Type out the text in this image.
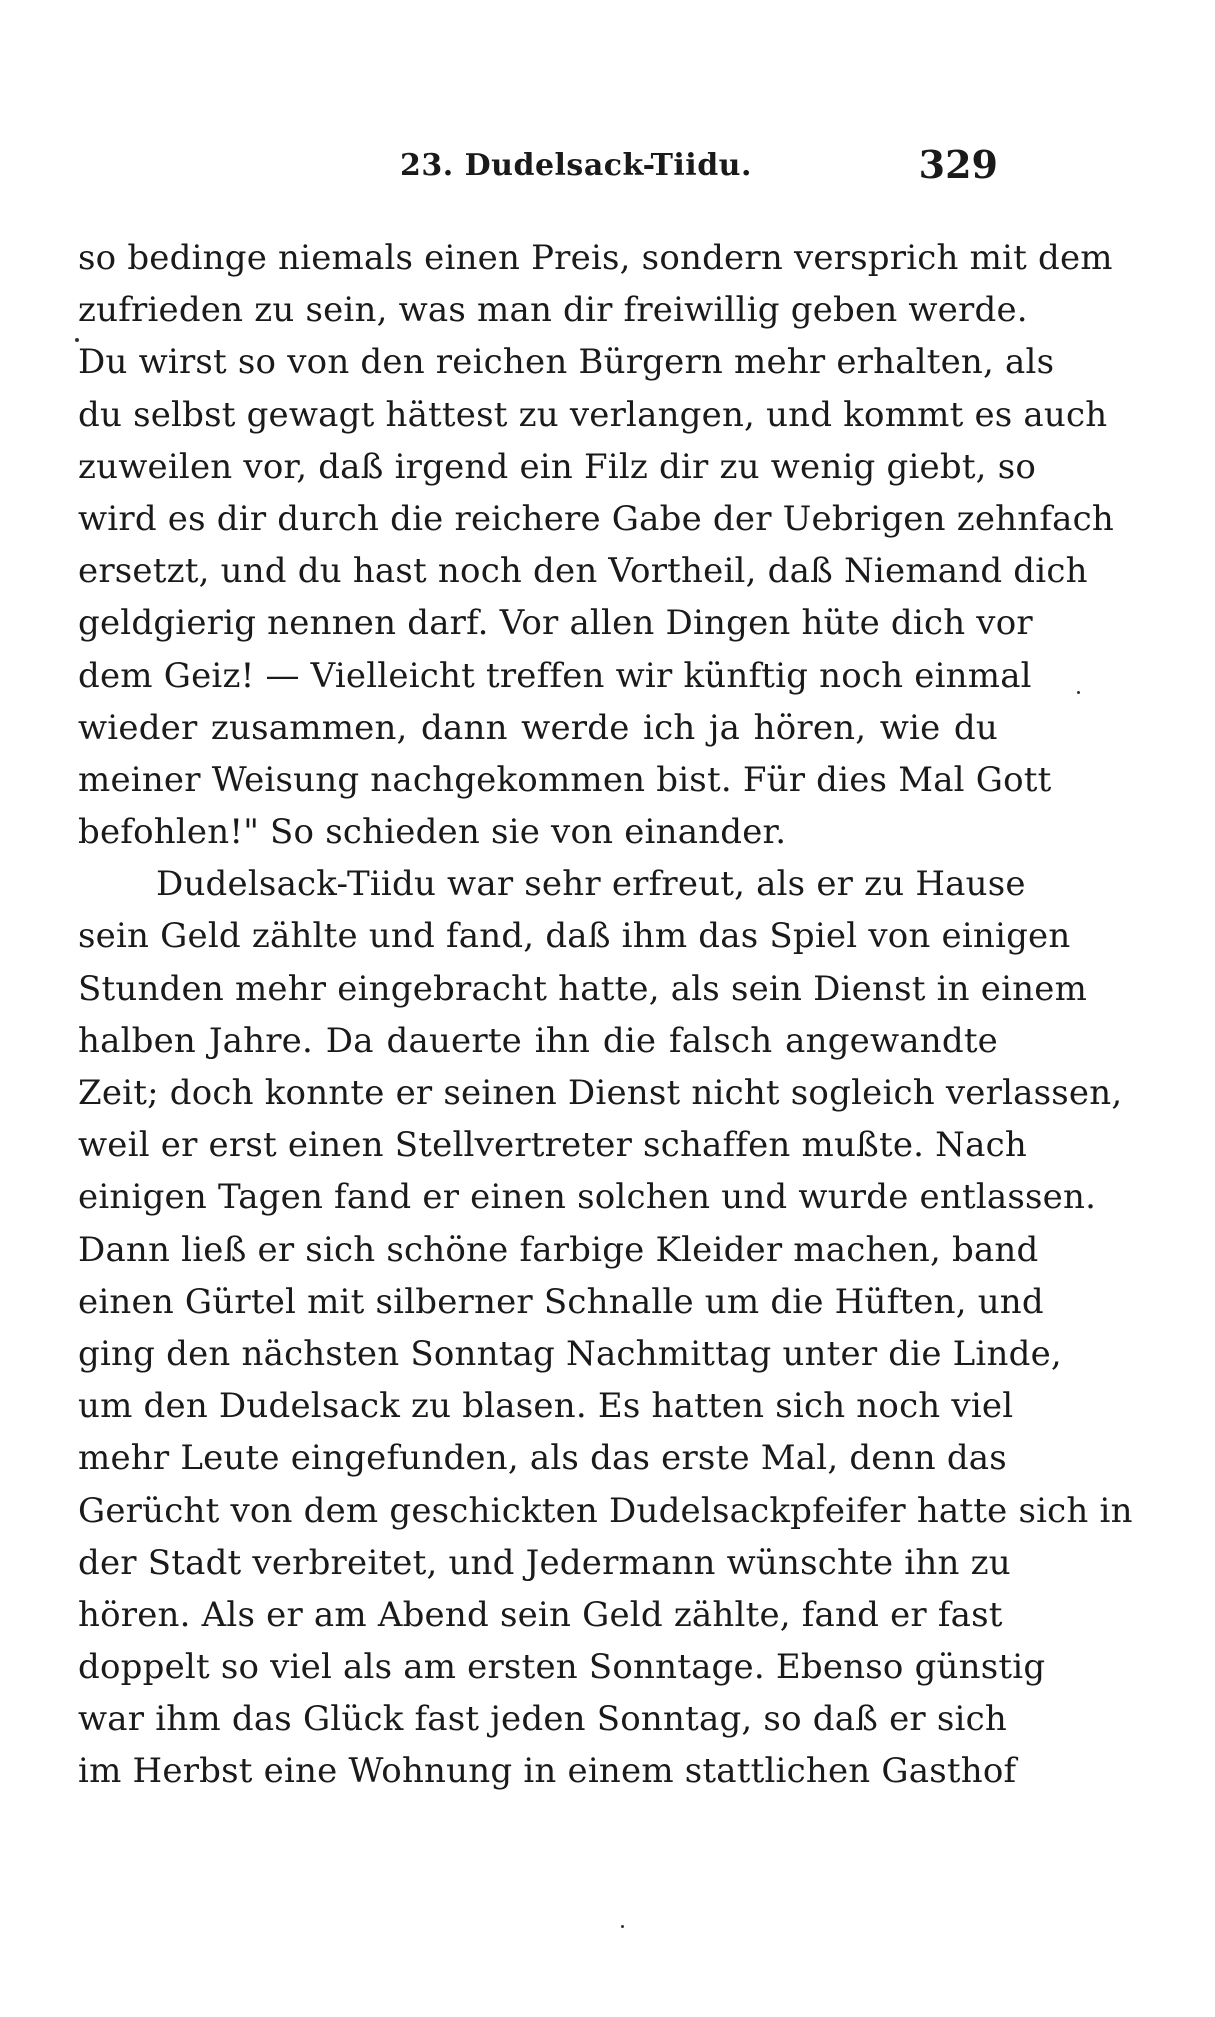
23. Dudelsack-Tiidu.	329
so bedinge niemals einen Preis, sondern versprich mit dem
zufrieden zu sein, was man dir freiwillig geben werde.
Du wirst so von den reichen Bürgern mehr erhalten, als
du selbst gewagt hättest zu verlangen, und kommt es auch
zuweilen vor, daß irgend ein Filz dir zu wenig giebt, so
wird es dir durch die reichere Gabe der Uebrigen zehnfach
ersetzt, und du hast noch den Vortheil, daß Niemand dich
geldgierig nennen darf. Vor allen Dingen hüte dich vor
dem Geiz! — Vielleicht treffen wir künftig noch einmal
wieder zusammen, dann werde ich ja hören, wie du
meiner Weisung nachgekommen bist. Für dies Mal Gott
befohlen!" So schieden sie von einander.
Dudelsack-Tiidu war sehr erfreut, als er zu Hause
sein Geld zählte und fand, daß ihm das Spiel von einigen
Stunden mehr eingebracht hatte, als sein Dienst in einem
halben Jahre. Da dauerte ihn die falsch angewandte
Zeit; doch konnte er seinen Dienst nicht sogleich verlassen,
weil er erst einen Stellvertreter schaffen mußte. Nach
einigen Tagen fand er einen solchen und wurde entlassen.
Dann ließ er sich schöne farbige Kleider machen, band
einen Gürtel mit silberner Schnalle um die Hüften, und
ging den nächsten Sonntag Nachmittag unter die Linde,
um den Dudelsack zu blasen. Es hatten sich noch viel
mehr Leute eingefunden, als das erste Mal, denn das
Gerücht von dem geschickten Dudelsackpfeifer hatte sich in
der Stadt verbreitet, und Jedermann wünschte ihn zu
hören. Als er am Abend sein Geld zählte, fand er fast
doppelt so viel als am ersten Sonntage. Ebenso günstig
war ihm das Glück fast jeden Sonntag, so daß er sich
im Herbst eine Wohnung in einem stattlichen Gasthof
